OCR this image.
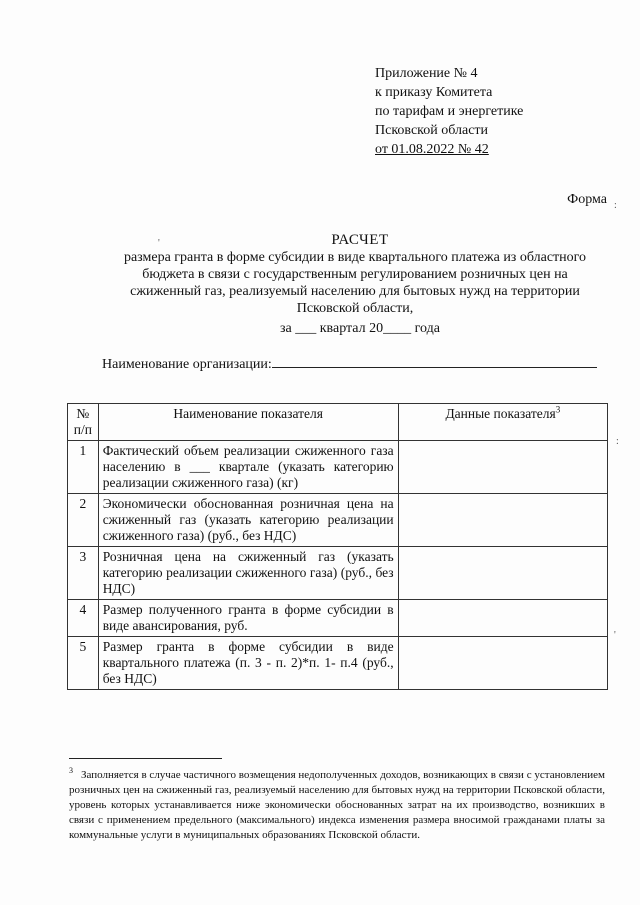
Приложение № 4
к приказу Комитета
по тарифам и энергетике
Псковской области
от 01.08.2022 № 42
Форма
РАСЧЕТ
размера гранта в форме субсидии в виде квартального платежа из областного
бюджета в связи с государственным регулированием розничных цен на
сжиженный газ, реализуемый населению для бытовых нужд на территории
Псковской области,
за ___ квартал 20____ года
Наименование организации:
№ п/п	Наименование показателя	Данные показателя$^3$
1	Фактический объем реализации сжиженного газа населению в ___ квартале (указать категорию реализации сжиженного газа) (кг)	
2	Экономически обоснованная розничная цена на сжиженный газ (указать категорию реализации сжиженного газа) (руб., без НДС)	
3	Розничная цена на сжиженный газ (указать категорию реализации сжиженного газа) (руб., без НДС)	
4	Размер полученного гранта в форме субсидии в виде авансирования, руб.	
5	Размер гранта в форме субсидии в виде квартального платежа (п. 3 - п. 2)*п. 1- п.4 (руб., без НДС)	
$^3$ Заполняется в случае частичного возмещения недополученных доходов, возникающих в связи с установлением розничных цен на сжиженный газ, реализуемый населению для бытовых нужд на территории Псковской области, уровень которых устанавливается ниже экономически обоснованных затрат на их производство, возникших в связи с применением предельного (максимального) индекса изменения размера вносимой гражданами платы за коммунальные услуги в муниципальных образованиях Псковской области.
'
:
:
'
